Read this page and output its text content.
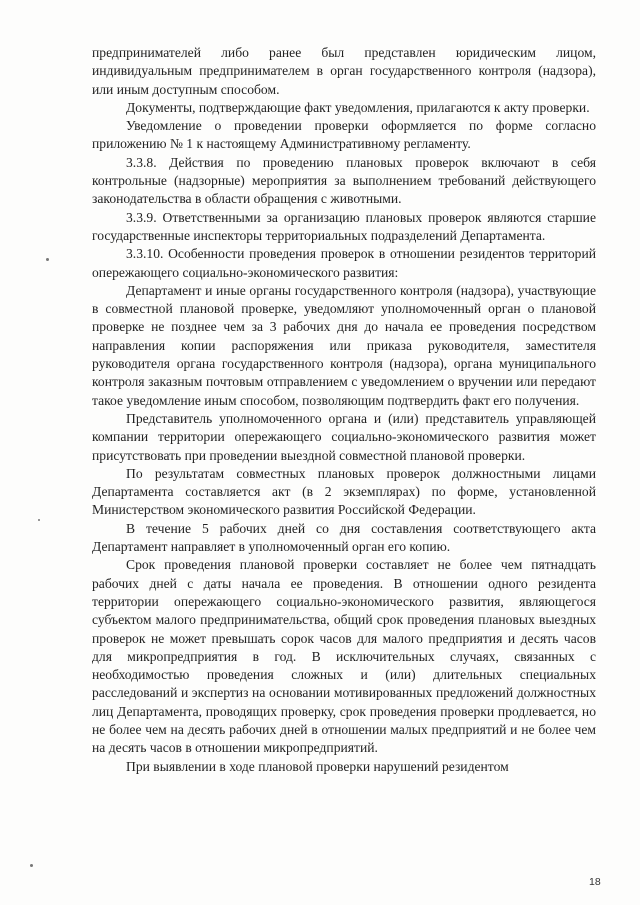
предпринимателей либо ранее был представлен юридическим лицом, индивидуальным предпринимателем в орган государственного контроля (надзора), или иным доступным способом.

Документы, подтверждающие факт уведомления, прилагаются к акту проверки.

Уведомление о проведении проверки оформляется по форме согласно приложению № 1 к настоящему Административному регламенту.

3.3.8. Действия по проведению плановых проверок включают в себя контрольные (надзорные) мероприятия за выполнением требований действующего законодательства в области обращения с животными.

3.3.9. Ответственными за организацию плановых проверок являются старшие государственные инспекторы территориальных подразделений Департамента.

3.3.10. Особенности проведения проверок в отношении резидентов территорий опережающего социально-экономического развития:

Департамент и иные органы государственного контроля (надзора), участвующие в совместной плановой проверке, уведомляют уполномоченный орган о плановой проверке не позднее чем за 3 рабочих дня до начала ее проведения посредством направления копии распоряжения или приказа руководителя, заместителя руководителя органа государственного контроля (надзора), органа муниципального контроля заказным почтовым отправлением с уведомлением о вручении или передают такое уведомление иным способом, позволяющим подтвердить факт его получения.

Представитель уполномоченного органа и (или) представитель управляющей компании территории опережающего социально-экономического развития может присутствовать при проведении выездной совместной плановой проверки.

По результатам совместных плановых проверок должностными лицами Департамента составляется акт (в 2 экземплярах) по форме, установленной Министерством экономического развития Российской Федерации.

В течение 5 рабочих дней со дня составления соответствующего акта Департамент направляет в уполномоченный орган его копию.

Срок проведения плановой проверки составляет не более чем пятнадцать рабочих дней с даты начала ее проведения. В отношении одного резидента территории опережающего социально-экономического развития, являющегося субъектом малого предпринимательства, общий срок проведения плановых выездных проверок не может превышать сорок часов для малого предприятия и десять часов для микропредприятия в год. В исключительных случаях, связанных с необходимостью проведения сложных и (или) длительных специальных расследований и экспертиз на основании мотивированных предложений должностных лиц Департамента, проводящих проверку, срок проведения проверки продлевается, но не более чем на десять рабочих дней в отношении малых предприятий и не более чем на десять часов в отношении микропредприятий.

При выявлении в ходе плановой проверки нарушений резидентом

18
